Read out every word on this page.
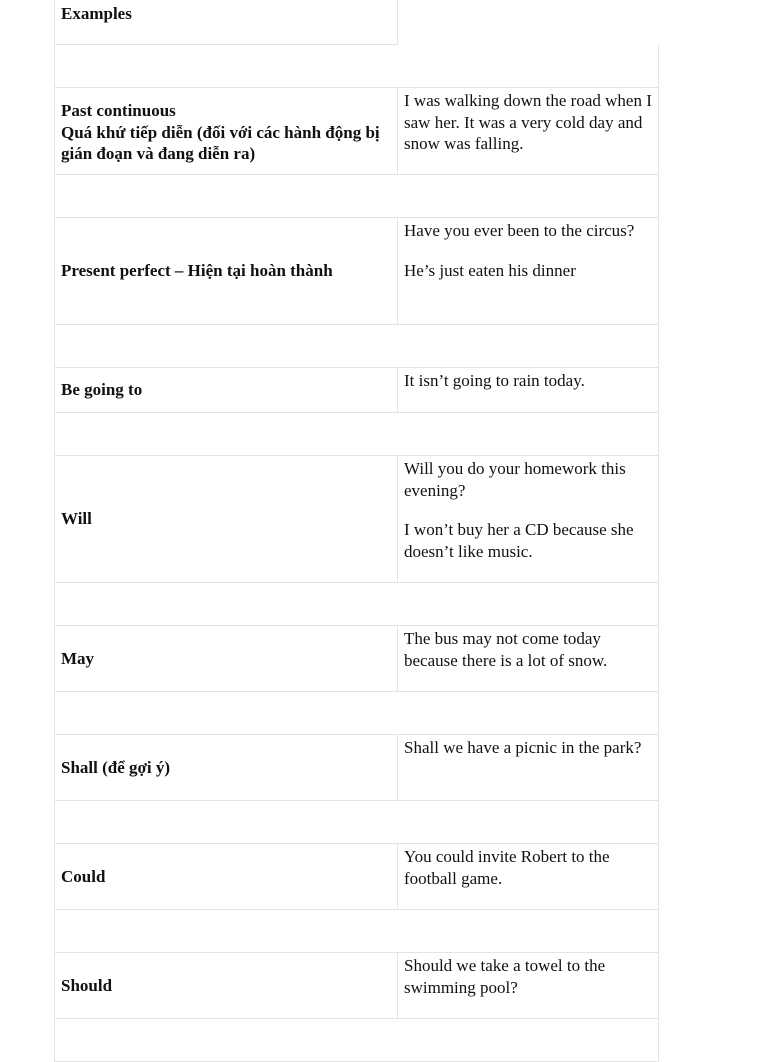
Examples
Past continuous
Quá khứ tiếp diễn (đối với các hành động bị gián đoạn và đang diễn ra)

I was walking down the road when I saw her. It was a very cold day and snow was falling.

Present perfect – Hiện tại hoàn thành

Have you ever been to the circus?

He’s just eaten his dinner

Be going to	It isn’t going to rain today.

Will

Will you do your homework this evening?

I won’t buy her a CD because she doesn’t like music.

May

The bus may not come today because there is a lot of snow.

Shall (để gợi ý)

Shall we have a picnic in the park?

Could

You could invite Robert to the football game.

Should

Should we take a towel to the swimming pool?
